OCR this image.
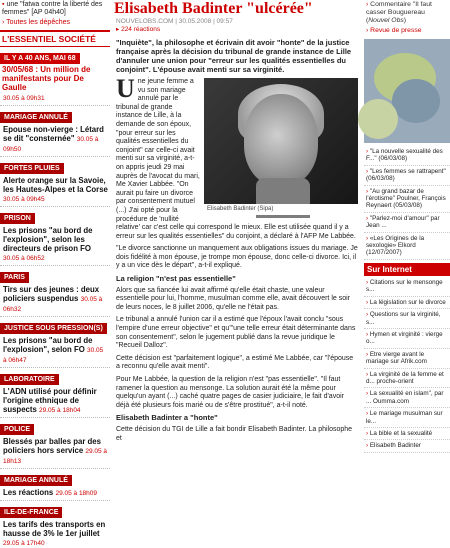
▪ une "fatwa contre la liberté des femmes" [AP 04h40]
› Toutes les dépêches
L'ESSENTIEL SOCIÉTÉ
IL Y A 40 ANS, MAI 68
30/05/68 : Un million de manifestants pour De Gaulle
30.05 à 09h31
MARIAGE ANNULÉ
Epouse non-vierge : Létard se dit "consternée" 30.05 à 09h50
FORTES PLUIES
Alerte orange sur la Savoie, les Hautes-Alpes et la Corse 30.05 à 09h45
PRISON
Les prisons "au bord de l'explosion", selon les directeurs de prison FO 30.05 à 06h52
PARIS
Tirs sur des jeunes : deux policiers suspendus 30.05 à 06h32
JUSTICE SOUS PRESSION(S)
Les prisons "au bord de l'explosion", selon FO 30.05 à 06h47
LABORATOIRE
L'ADN utilisé pour définir l'origine ethnique de suspects 29.05 à 18h04
POLICE
Blessés par balles par des policiers hors service 29.05 à 18h13
MARIAGE ANNULÉ
Les réactions 29.05 à 18h09
ILE-DE-FRANCE
Les tarifs des transports en hausse de 3% le 1er juillet 29.05 à 17h40
Elisabeth Badinter "ulcérée"
NOUVELOBS.COM | 30.05.2008 | 09:57
▸ 224 réactions
"Inquiète", la philosophe et écrivain dit avoir "honte" de la justice française après la décision du tribunal de grande instance de Lille d'annuler une union pour "erreur sur les qualités essentielles du conjoint". L'épouse avait menti sur sa virginité.
Elisabeth Badinter (Sipa)

Une jeune femme a vu son mariage annulé par le tribunal de grande instance de Lille, à la demande de son époux, "pour erreur sur les qualités essentielles du conjoint" car celle-ci avait menti sur sa virginité, a-t-on appris jeudi 29 mai auprès de l'avocat du mari, Me Xavier Labbée. "On aurait pu faire un divorce par consentement mutuel (...) J'ai opté pour la procédure de 'nullité relative' car c'est celle qui correspond le mieux. Elle est utilisée quand il y a erreur sur les qualités essentielles" du conjoint, a déclaré à l'AFP Me Labbée.

"Le divorce sanctionne un manquement aux obligations issues du mariage. Je dois fidélité à mon épouse, je trompe mon épouse, donc celle-ci divorce. Ici, il y a un vice dès le départ", a-t-il expliqué.

La religion "n'est pas essentielle"

Alors que sa fiancée lui avait affirmé qu'elle était chaste, une valeur essentielle pour lui, l'homme, musulman comme elle, avait découvert le soir de leurs noces, le 8 juillet 2006, qu'elle ne l'était pas.

Le tribunal a annulé l'union car il a estimé que l'époux l'avait conclu "sous l'empire d'une erreur objective" et qu'"une telle erreur était déterminante dans son consentement", selon le jugement publié dans la revue juridique le "Recueil Dalloz".

Cette décision est "parfaitement logique", a estimé Me Labbée, car "l'épouse a reconnu qu'elle avait menti".

Pour Me Labbée, la question de la religion n'est "pas essentielle". "Il faut ramener la question au mensonge. La solution aurait été la même pour quelqu'un ayant (...) caché quatre pages de casier judiciaire, le fait d'avoir déjà été plusieurs fois marié ou de s'être prostitué", a-t-il noté.

Elisabeth Badinter a "honte"

Cette décision du TGI de Lille a fait bondir Elisabeth Badinter. La philosophe et

› Commentaire "Il faut casser Bouguereau (Nouvel Obs)
› Revue de presse
› "La nouvelle sexualité des F..." (06/03/08)
› "Les femmes se rattrapent" (06/03/08)
› "Au grand bazar de l'érotisme" Poulner, François Reynaert (05/03/08)
› "Parlez-moi d'amour" par Jean ...
› «Les Origines de la sexologie» Elkord (12/07/2007)
Sur Internet
› Citations sur le mensonge s...
› La législation sur le divorce
› Questions sur la virginité, s...
› Hymen et virginité : vierge o...
› Etre vierge avant le mariage sur Afrik.com
› La virginité de la femme et d... proche-orient
› La sexualité en islam", par ... Oumma.com
› Le mariage musulman sur le...
› La bible et la sexualité
› Elisabeth Badinter
